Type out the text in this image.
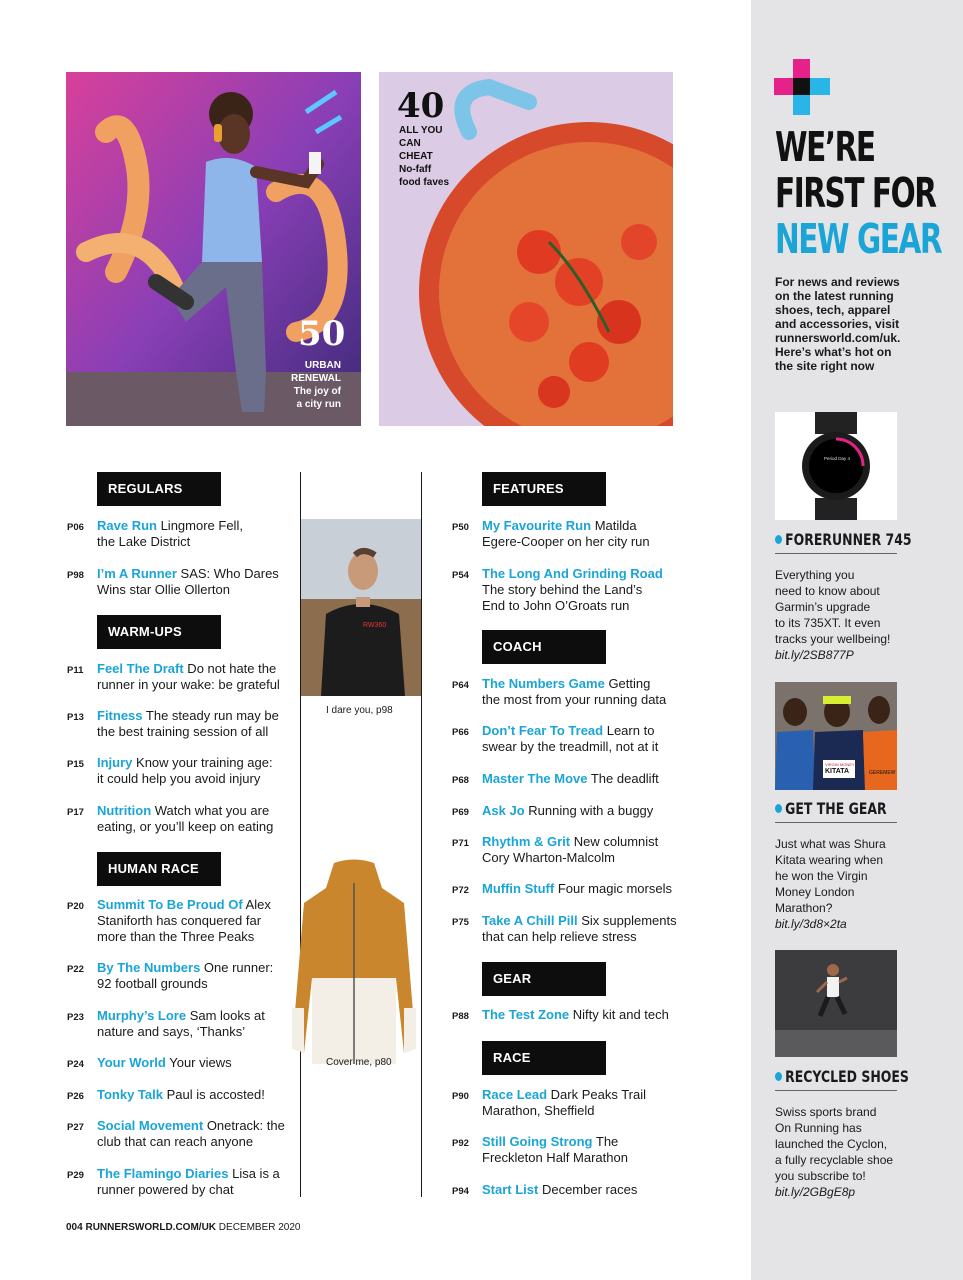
50
URBAN
RENEWAL
The joy of
a city run
40
ALL YOU
CAN
CHEAT
No-faff
food faves
REGULARS
WARM-UPS
HUMAN RACE
P06	Rave Run Lingmore Fell,
the Lake District
P98	I’m A Runner SAS: Who Dares
Wins star Ollie Ollerton
P11	Feel The Draft Do not hate the
runner in your wake: be grateful
P13	Fitness The steady run may be
the best training session of all
P15	Injury Know your training age:
it could help you avoid injury
P17	Nutrition Watch what you are
eating, or you’ll keep on eating
P20	Summit To Be Proud Of Alex
Staniforth has conquered far
more than the Three Peaks
P22	By The Numbers One runner:
92 football grounds
P23	Murphy’s Lore Sam looks at
nature and says, ‘Thanks’
P24	Your World Your views
P26	Tonky Talk Paul is accosted!
P27	Social Movement Onetrack: the
club that can reach anyone
P29	The Flamingo Diaries Lisa is a
runner powered by chat
RW360
I dare you, p98
Cover me, p80
FEATURES
COACH
GEAR
RACE
P50	My Favourite Run Matilda
Egere-Cooper on her city run
P54	The Long And Grinding Road
The story behind the Land’s
End to John O’Groats run
P64	The Numbers Game Getting
the most from your running data
P66	Don’t Fear To Tread Learn to
swear by the treadmill, not at it
P68	Master The Move The deadlift
P69	Ask Jo Running with a buggy
P71	Rhythm & Grit New columnist
Cory Wharton-Malcolm
P72	Muffin Stuff Four magic morsels
P75	Take A Chill Pill Six supplements
that can help relieve stress
P88	The Test Zone Nifty kit and tech
P90	Race Lead Dark Peaks Trail
Marathon, Sheffield
P92	Still Going Strong The
Freckleton Half Marathon
P94	Start List December races
004 RUNNERSWORLD.COM/UK DECEMBER 2020
WE’RE
FIRST FOR
NEW GEAR
For news and reviews
on the latest running
shoes, tech, apparel
and accessories, visit
runnersworld.com/uk.
Here’s what’s hot on
the site right now
Period Day 4
FORERUNNER 745
Everything you
need to know about
Garmin’s upgrade
to its 735XT. It even
tracks your wellbeing!
bit.ly/2SB877P
KITATA
VIRGIN MONEY
GEREMEW
GET THE GEAR
Just what was Shura
Kitata wearing when
he won the Virgin
Money London
Marathon?
bit.ly/3d8×2ta
RECYCLED SHOES
Swiss sports brand
On Running has
launched the Cyclon,
a fully recyclable shoe
you subscribe to!
bit.ly/2GBgE8p
